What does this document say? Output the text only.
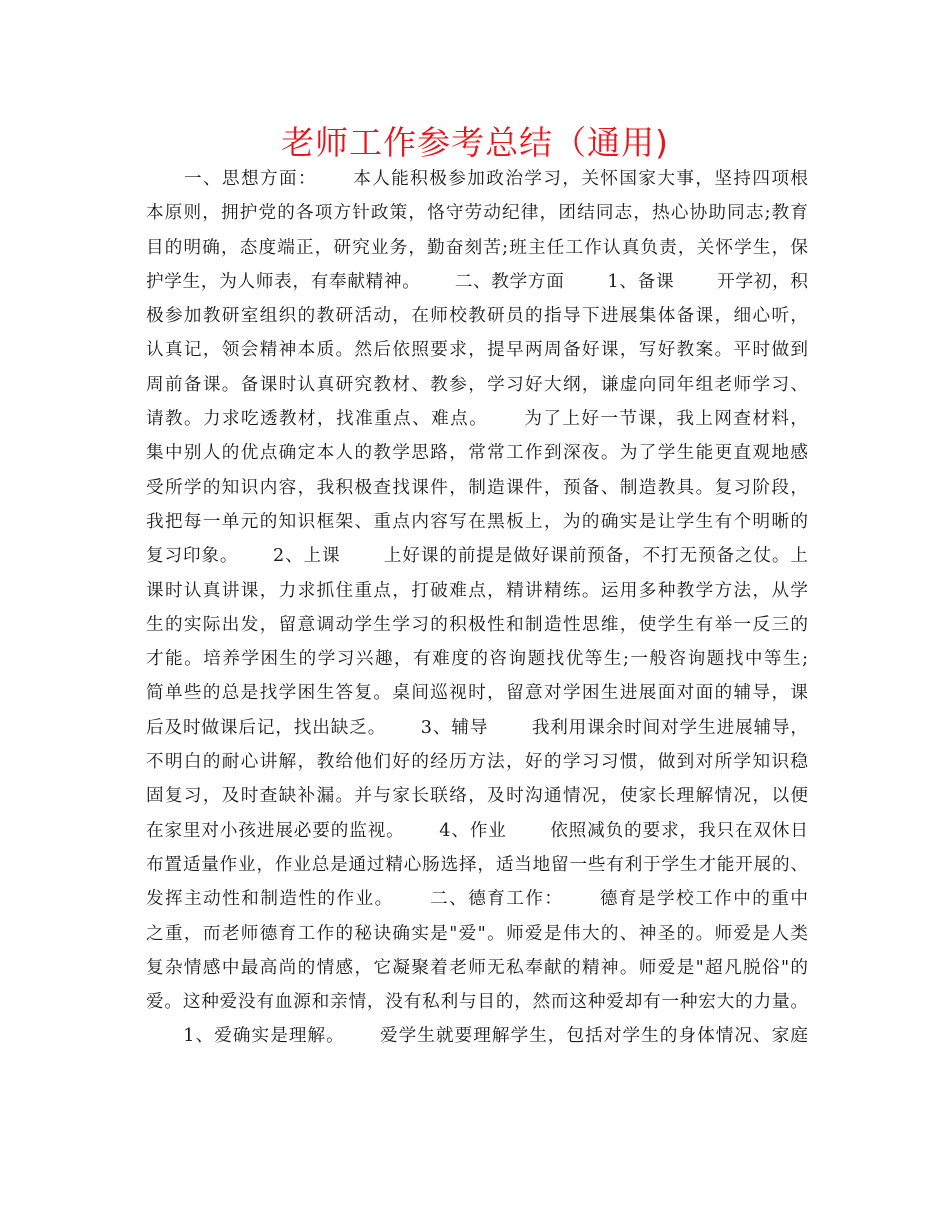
老师工作参考总结（通用)
　　一、思想方面：　　 本人能积极参加政治学习，关怀国家大事，坚持四项根
本原则，拥护党的各项方针政策，恪守劳动纪律，团结同志，热心协助同志;教育
目的明确，态度端正，研究业务，勤奋刻苦;班主任工作认真负责，关怀学生，保
护学生，为人师表，有奉献精神。　　 二、教学方面　　 1、备课　　 开学初，积
极参加教研室组织的教研活动，在师校教研员的指导下进展集体备课，细心听，
认真记，领会精神本质。然后依照要求，提早两周备好课，写好教案。平时做到
周前备课。备课时认真研究教材、教参，学习好大纲，谦虚向同年组老师学习、
请教。力求吃透教材，找准重点、难点。　　 为了上好一节课，我上网查材料，
集中别人的优点确定本人的教学思路，常常工作到深夜。为了学生能更直观地感
受所学的知识内容，我积极查找课件，制造课件，预备、制造教具。复习阶段，
我把每一单元的知识框架、重点内容写在黑板上，为的确实是让学生有个明晰的
复习印象。　　 2、上课　　 上好课的前提是做好课前预备，不打无预备之仗。上
课时认真讲课，力求抓住重点，打破难点，精讲精练。运用多种教学方法，从学
生的实际出发，留意调动学生学习的积极性和制造性思维，使学生有举一反三的
才能。培养学困生的学习兴趣，有难度的咨询题找优等生;一般咨询题找中等生;
简单些的总是找学困生答复。桌间巡视时，留意对学困生进展面对面的辅导，课
后及时做课后记，找出缺乏。　　 3、辅导　　 我利用课余时间对学生进展辅导，
不明白的耐心讲解，教给他们好的经历方法，好的学习习惯，做到对所学知识稳
固复习，及时查缺补漏。并与家长联络，及时沟通情况，使家长理解情况，以便
在家里对小孩进展必要的监视。　　 4、作业　　 依照减负的要求，我只在双休日
布置适量作业，作业总是通过精心肠选择，适当地留一些有利于学生才能开展的、
发挥主动性和制造性的作业。　　 二、德育工作：　　 德育是学校工作中的重中
之重，而老师德育工作的秘诀确实是"爱"。师爱是伟大的、神圣的。师爱是人类
复杂情感中最高尚的情感，它凝聚着老师无私奉献的精神。师爱是"超凡脱俗"的
爱。这种爱没有血源和亲情，没有私利与目的，然而这种爱却有一种宏大的力量。
　　1、爱确实是理解。　　 爱学生就要理解学生，包括对学生的身体情况、家庭
